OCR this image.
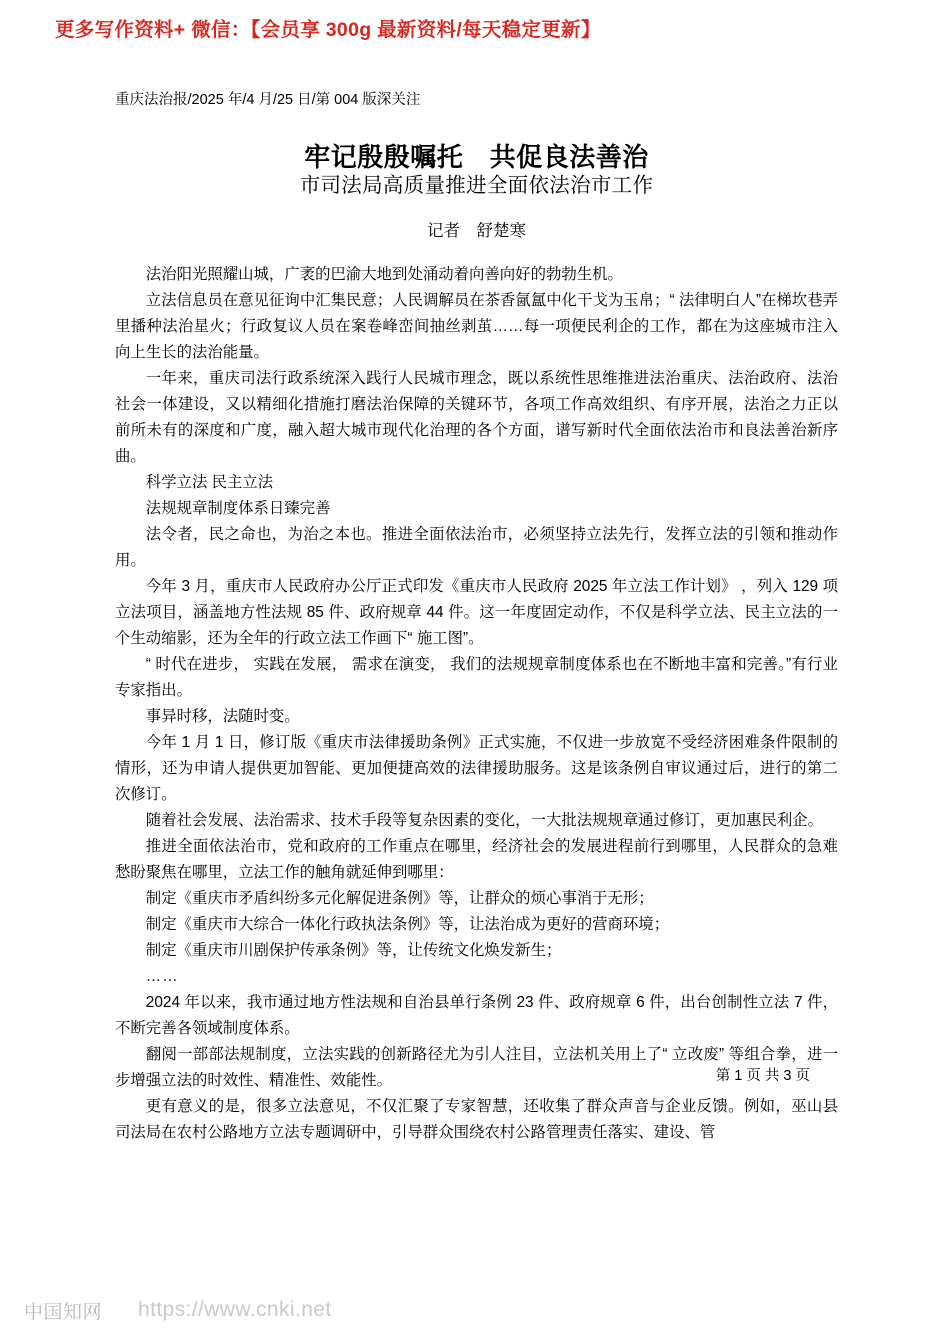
更多写作资料+ 微信：【会员享 300g 最新资料/每天稳定更新】
重庆法治报/2025 年/4 月/25 日/第 004 版深关注
牢记殷殷嘱托　共促良法善治
市司法局高质量推进全面依法治市工作
记者　舒楚寒

法治阳光照耀山城，广袤的巴渝大地到处涌动着向善向好的勃勃生机。

立法信息员在意见征询中汇集民意；人民调解员在茶香氤氲中化干戈为玉帛；“ 法律明白人”在梯坎巷弄里播种法治星火；行政复议人员在案卷峰峦间抽丝剥茧……每一项便民利企的工作，都在为这座城市注入向上生长的法治能量。

一年来，重庆司法行政系统深入践行人民城市理念，既以系统性思维推进法治重庆、法治政府、法治社会一体建设，又以精细化措施打磨法治保障的关键环节，各项工作高效组织、有序开展，法治之力正以前所未有的深度和广度，融入超大城市现代化治理的各个方面，谱写新时代全面依法治市和良法善治新序曲。

科学立法 民主立法

法规规章制度体系日臻完善

法令者，民之命也，为治之本也。推进全面依法治市，必须坚持立法先行，发挥立法的引领和推动作用。

今年 3 月，重庆市人民政府办公厅正式印发《重庆市人民政府 2025 年立法工作计划》 ，列入 129 项立法项目，涵盖地方性法规 85 件、政府规章 44 件。这一年度固定动作，不仅是科学立法、民主立法的一个生动缩影，还为全年的行政立法工作画下“ 施工图”。

“ 时代在进步， 实践在发展， 需求在演变， 我们的法规规章制度体系也在不断地丰富和完善。”有行业专家指出。

事异时移，法随时变。

今年 1 月 1 日，修订版《重庆市法律援助条例》正式实施，不仅进一步放宽不受经济困难条件限制的情形，还为申请人提供更加智能、更加便捷高效的法律援助服务。这是该条例自审议通过后，进行的第二次修订。

随着社会发展、法治需求、技术手段等复杂因素的变化，一大批法规规章通过修订，更加惠民利企。

推进全面依法治市，党和政府的工作重点在哪里，经济社会的发展进程前行到哪里，人民群众的急难愁盼聚焦在哪里，立法工作的触角就延伸到哪里：

制定《重庆市矛盾纠纷多元化解促进条例》等，让群众的烦心事消于无形；

制定《重庆市大综合一体化行政执法条例》等，让法治成为更好的营商环境；

制定《重庆市川剧保护传承条例》等，让传统文化焕发新生；

……

2024 年以来，我市通过地方性法规和自治县单行条例 23 件、政府规章 6 件，出台创制性立法 7 件，不断完善各领域制度体系。

翻阅一部部法规制度，立法实践的创新路径尤为引人注目，立法机关用上了“ 立改废” 等组合拳，进一步增强立法的时效性、精准性、效能性。

更有意义的是，很多立法意见，不仅汇聚了专家智慧，还收集了群众声音与企业反馈。例如，巫山县司法局在农村公路地方立法专题调研中，引导群众围绕农村公路管理责任落实、建设、管

第 1 页 共 3 页
中国知网 https://www.cnki.net
